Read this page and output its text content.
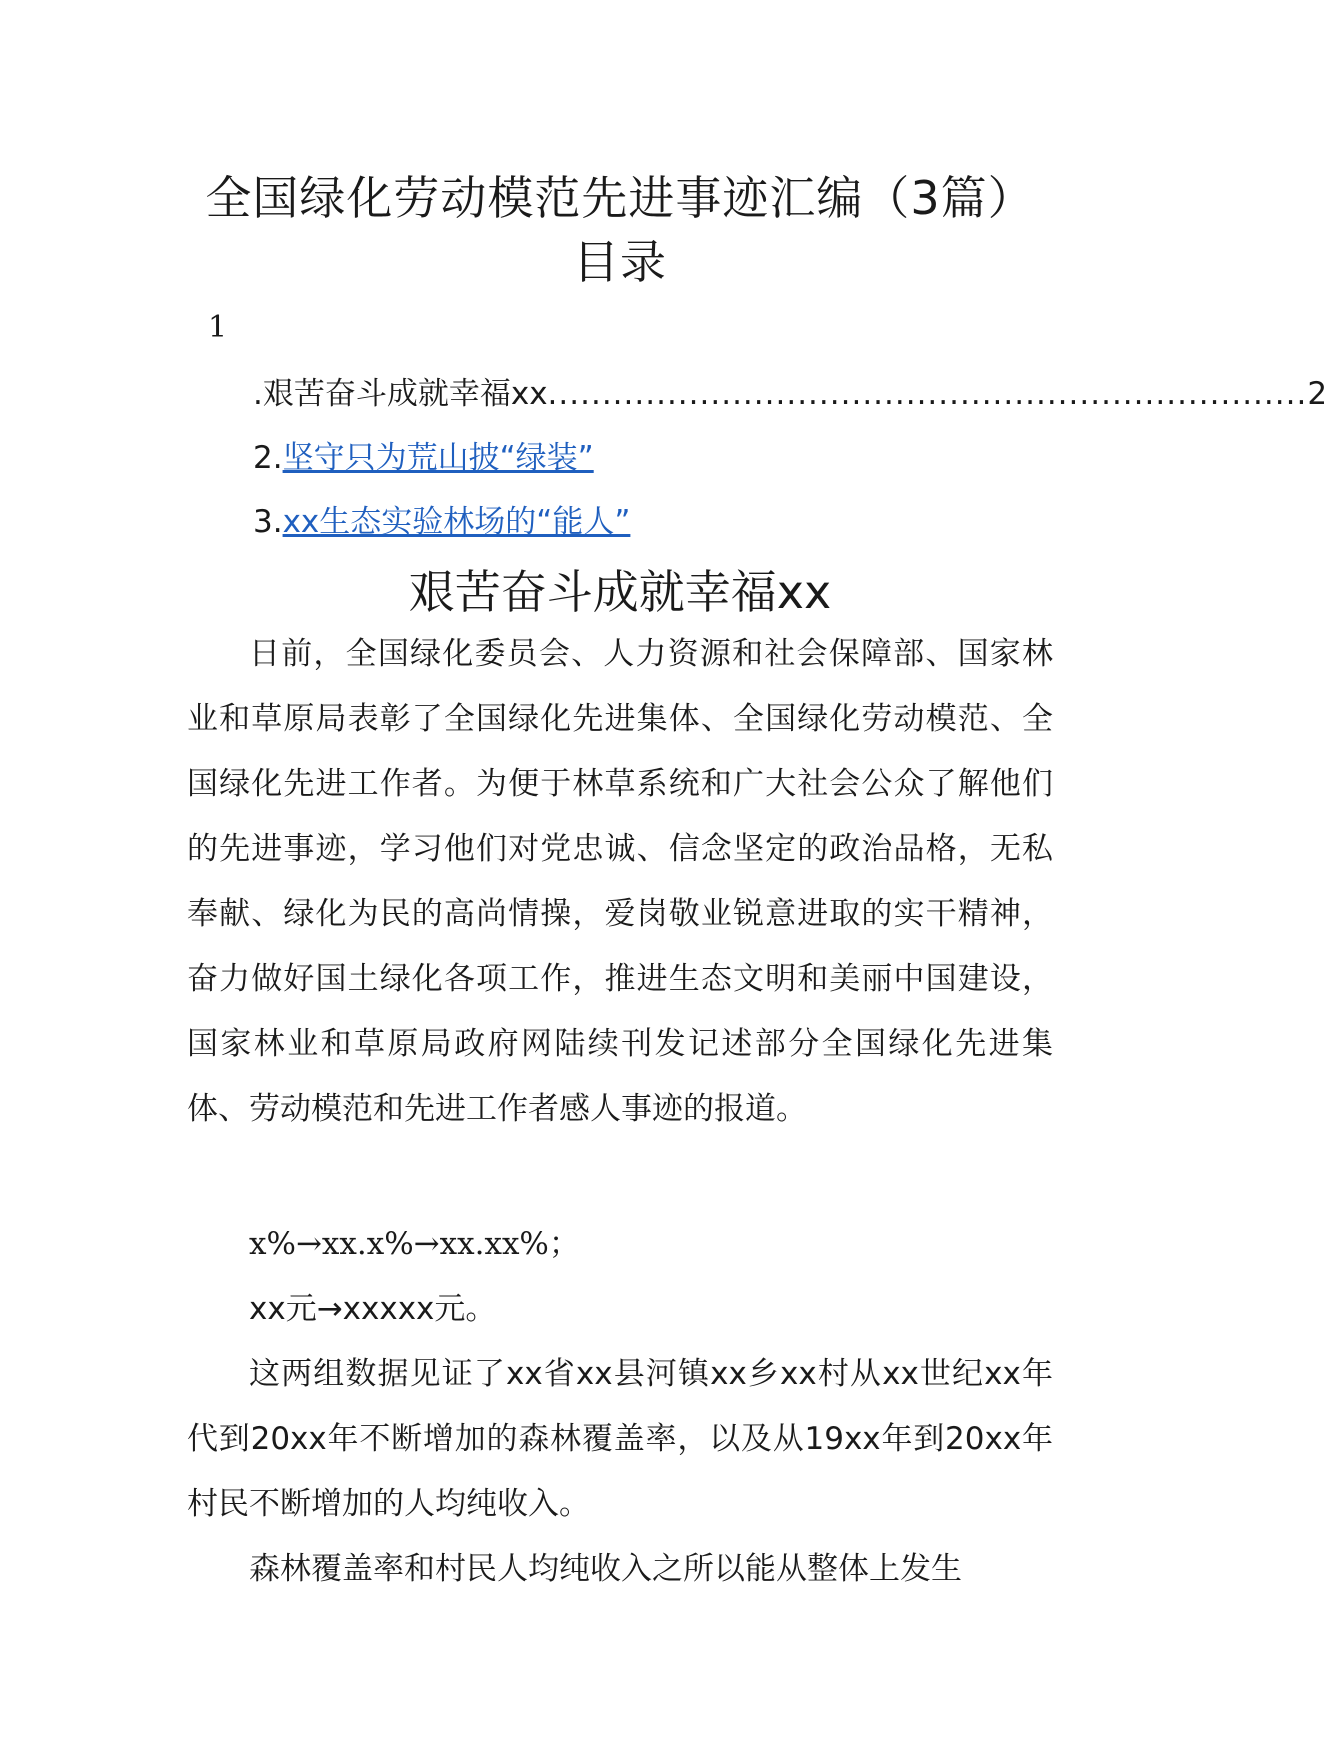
全国绿化劳动模范先进事迹汇编（3篇）
目录
1
.艰苦奋斗成就幸福xx ...................................................................... 2
2.坚守只为荒山披“绿装”
3.xx生态实验林场的“能人”
艰苦奋斗成就幸福xx

日前，全国绿化委员会、人力资源和社会保障部、国家林业和草原局表彰了全国绿化先进集体、全国绿化劳动模范、全国绿化先进工作者。为便于林草系统和广大社会公众了解他们的先进事迹，学习他们对党忠诚、信念坚定的政治品格，无私奉献、绿化为民的高尚情操，爱岗敬业锐意进取的实干精神，奋力做好国土绿化各项工作，推进生态文明和美丽中国建设，国家林业和草原局政府网陆续刊发记述部分全国绿化先进集体、劳动模范和先进工作者感人事迹的报道。

x%→xx.x%→xx.xx%；

xx元→xxxxx元。

这两组数据见证了xx省xx县河镇xx乡xx村从xx世纪xx年代到20xx年不断增加的森林覆盖率，以及从19xx年到20xx年村民不断增加的人均纯收入。

森林覆盖率和村民人均纯收入之所以能从整体上发生
